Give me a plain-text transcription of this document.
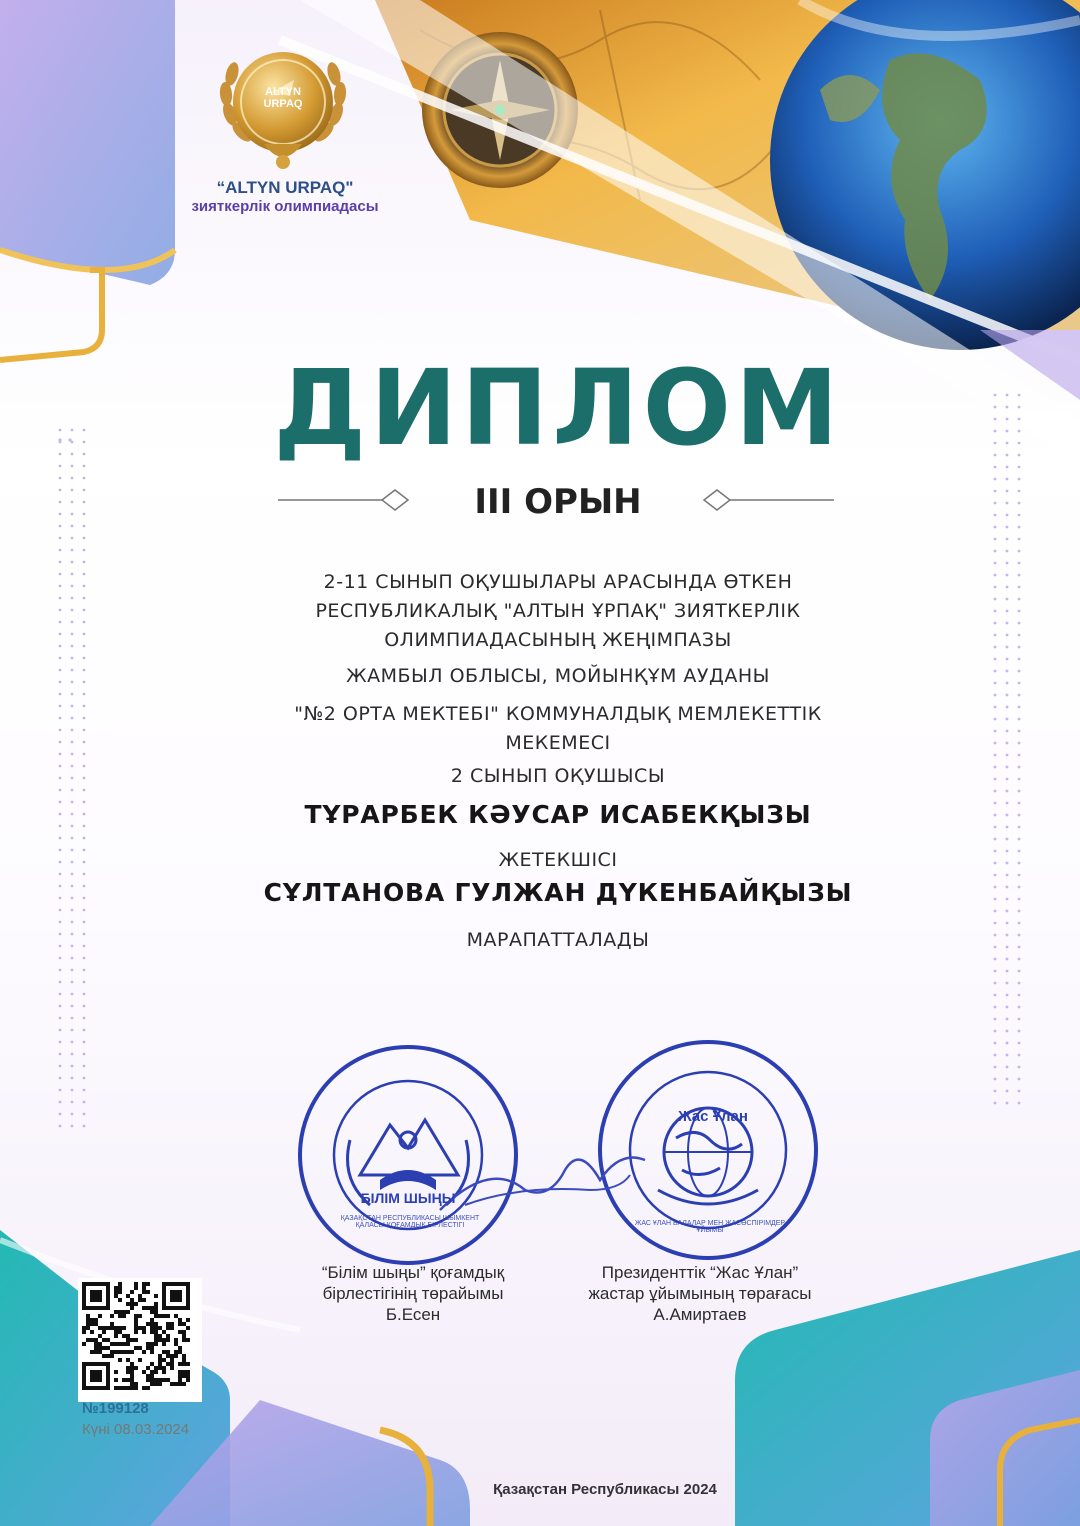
ALTYN
URPAQ
“ALTYN URPAQ"
зияткерлік олимпиадасы
ДИПЛОМ
III ОРЫН
2-11 СЫНЫП ОҚУШЫЛАРЫ АРАСЫНДА ӨТКЕН
РЕСПУБЛИКАЛЫҚ "АЛТЫН ҰРПАҚ" ЗИЯТКЕРЛІК
ОЛИМПИАДАСЫНЫҢ ЖЕҢІМПАЗЫ
ЖАМБЫЛ ОБЛЫСЫ, МОЙЫНҚҰМ АУДАНЫ
"№2 ОРТА МЕКТЕБІ" КОММУНАЛДЫҚ МЕМЛЕКЕТТІК
МЕКЕМЕСІ
2 СЫНЫП ОҚУШЫСЫ
ТҰРАРБЕК КӘУСАР ИСАБЕКҚЫЗЫ
ЖЕТЕКШІСІ
СҰЛТАНОВА ГУЛЖАН ДҮКЕНБАЙҚЫЗЫ
МАРАПАТТАЛАДЫ
БІЛІМ ШЫҢЫ
Жас Ұлан
ҚАЗАҚСТАН РЕСПУБЛИКАСЫ ШЫМКЕНТ ҚАЛАСЫ ҚОҒАМДЫҚ БІРЛЕСТІГІ	ЖАС ҰЛАН БАЛАЛАР МЕН ЖАСӨСПІРІМДЕР ҰЙЫМЫ
“Білім шыңы” қоғамдық
бірлестігінің төрайымы
Б.Есен
Президенттік “Жас Ұлан”
жастар ұйымының төрағасы
А.Амиртаев
№199128
Күні 08.03.2024
Қазақстан Республикасы 2024
